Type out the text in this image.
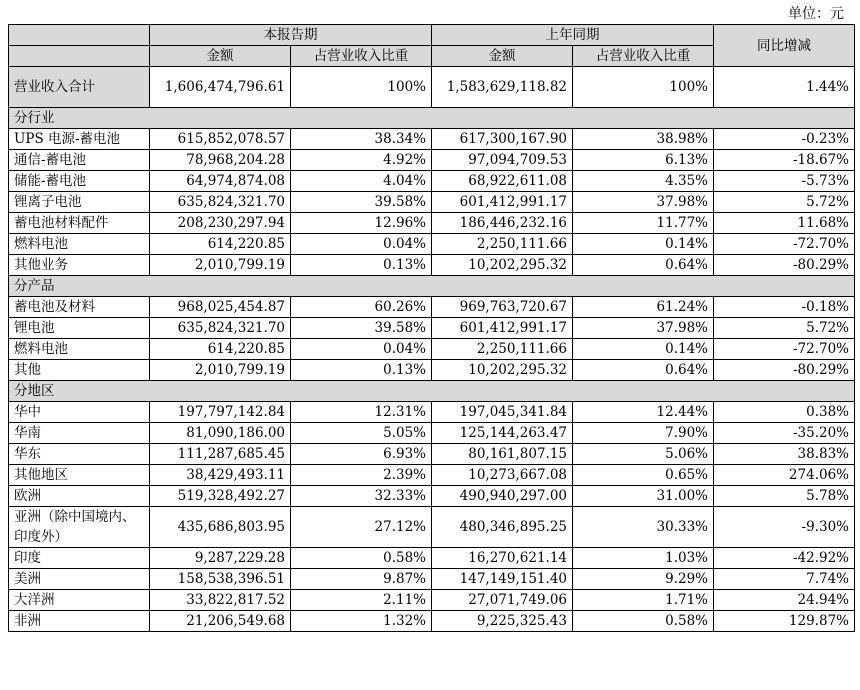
单位：元
	本报告期		上年同期		同比增减
	金额	占营业收入比重	金额	占营业收入比重	
营业收入合计	1,606,474,796.61	100%	1,583,629,118.82	100%	1.44%
分行业					
UPS 电源-蓄电池	615,852,078.57	38.34%	617,300,167.90	38.98%	-0.23%
通信-蓄电池	78,968,204.28	4.92%	97,094,709.53	6.13%	-18.67%
储能-蓄电池	64,974,874.08	4.04%	68,922,611.08	4.35%	-5.73%
锂离子电池	635,824,321.70	39.58%	601,412,991.17	37.98%	5.72%
蓄电池材料配件	208,230,297.94	12.96%	186,446,232.16	11.77%	11.68%
燃料电池	614,220.85	0.04%	2,250,111.66	0.14%	-72.70%
其他业务	2,010,799.19	0.13%	10,202,295.32	0.64%	-80.29%
分产品					
蓄电池及材料	968,025,454.87	60.26%	969,763,720.67	61.24%	-0.18%
锂电池	635,824,321.70	39.58%	601,412,991.17	37.98%	5.72%
燃料电池	614,220.85	0.04%	2,250,111.66	0.14%	-72.70%
其他	2,010,799.19	0.13%	10,202,295.32	0.64%	-80.29%
分地区					
华中	197,797,142.84	12.31%	197,045,341.84	12.44%	0.38%
华南	81,090,186.00	5.05%	125,144,263.47	7.90%	-35.20%
华东	111,287,685.45	6.93%	80,161,807.15	5.06%	38.83%
其他地区	38,429,493.11	2.39%	10,273,667.08	0.65%	274.06%
欧洲	519,328,492.27	32.33%	490,940,297.00	31.00%	5.78%
亚洲（除中国境内、印度外）	435,686,803.95	27.12%	480,346,895.25	30.33%	-9.30%
印度	9,287,229.28	0.58%	16,270,621.14	1.03%	-42.92%
美洲	158,538,396.51	9.87%	147,149,151.40	9.29%	7.74%
大洋洲	33,822,817.52	2.11%	27,071,749.06	1.71%	24.94%
非洲	21,206,549.68	1.32%	9,225,325.43	0.58%	129.87%
